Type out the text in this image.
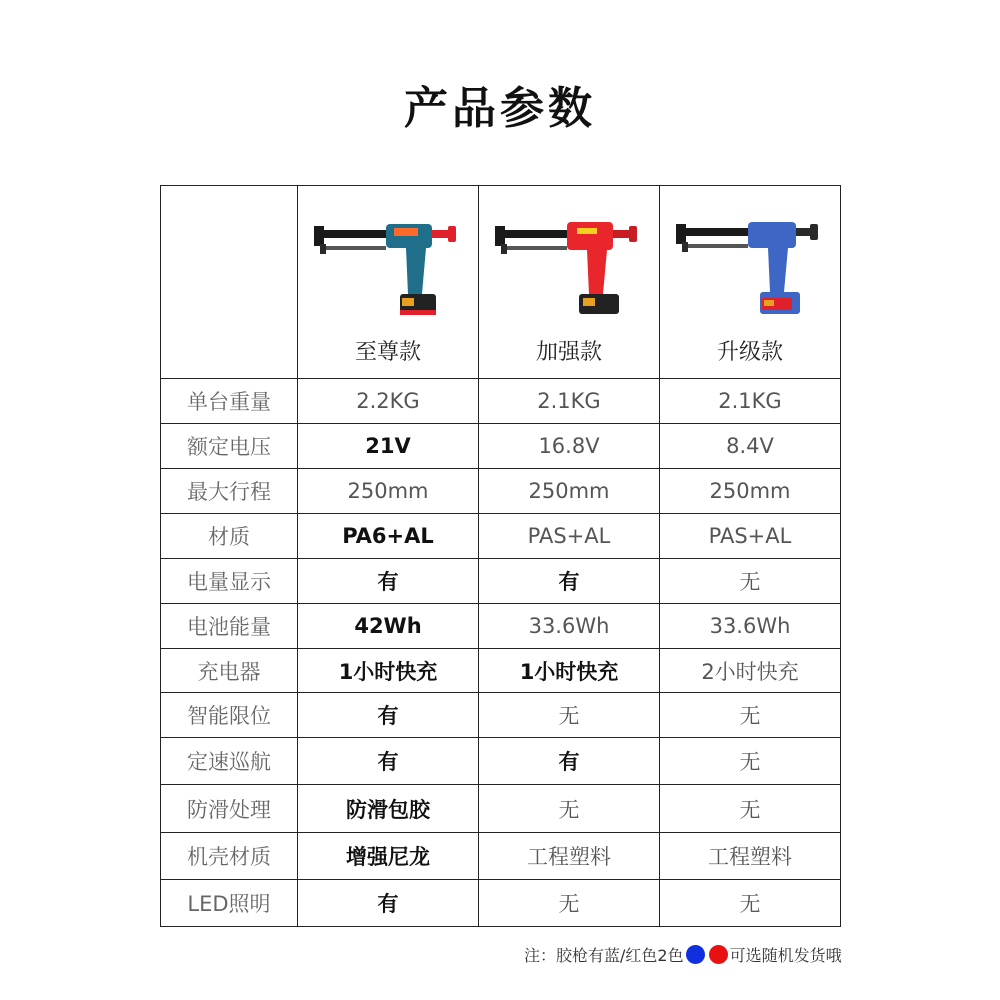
产品参数

	至尊款	加强款	升级款

单台重量	2.2KG	2.1KG	2.1KG
额定电压	21V	16.8V	8.4V
最大行程	250mm	250mm	250mm
材质	PA6+AL	PAS+AL	PAS+AL
电量显示	有	有	无
电池能量	42Wh	33.6Wh	33.6Wh
充电器	1小时快充	1小时快充	2小时快充
智能限位	有	无	无
定速巡航	有	有	无
防滑处理	防滑包胶	无	无
机壳材质	增强尼龙	工程塑料	工程塑料
LED照明	有	无	无
注：胶枪有蓝/红色2色	可选随机发货哦
